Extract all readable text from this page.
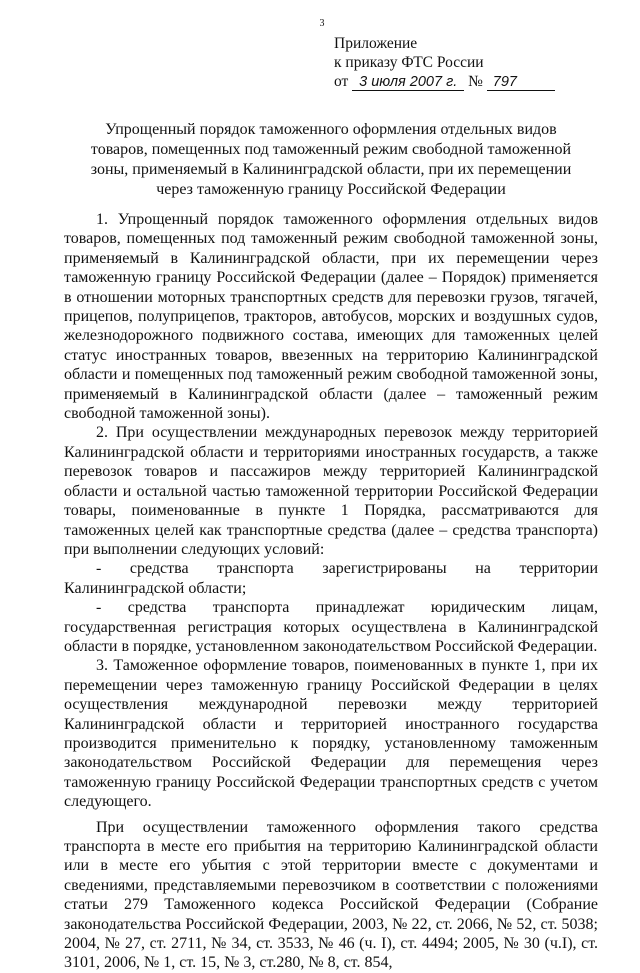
3
Приложение
к приказу ФТС России
от 3 июля 2007 г. № 797
Упрощенный порядок таможенного оформления отдельных видов товаров, помещенных под таможенный режим свободной таможенной зоны, применяемый в Калининградской области, при их перемещении через таможенную границу Российской Федерации

1. Упрощенный порядок таможенного оформления отдельных видов товаров, помещенных под таможенный режим свободной таможенной зоны, применяемый в Калининградской области, при их перемещении через таможенную границу Российской Федерации (далее – Порядок) применяется в отношении моторных транспортных средств для перевозки грузов, тягачей, прицепов, полуприцепов, тракторов, автобусов, морских и воздушных судов, железнодорожного подвижного состава, имеющих для таможенных целей статус иностранных товаров, ввезенных на территорию Калининградской области и помещенных под таможенный режим свободной таможенной зоны, применяемый в Калининградской области (далее – таможенный режим свободной таможенной зоны).

2. При осуществлении международных перевозок между территорией Калининградской области и территориями иностранных государств, а также перевозок товаров и пассажиров между территорией Калининградской области и остальной частью таможенной территории Российской Федерации товары, поименованные в пункте 1 Порядка, рассматриваются для таможенных целей как транспортные средства (далее – средства транспорта) при выполнении следующих условий:

- средства транспорта зарегистрированы на территории Калининградской области;

- средства транспорта принадлежат юридическим лицам, государственная регистрация которых осуществлена в Калининградской области в порядке, установленном законодательством Российской Федерации.

3. Таможенное оформление товаров, поименованных в пункте 1, при их перемещении через таможенную границу Российской Федерации в целях осуществления международной перевозки между территорией Калининградской области и территорией иностранного государства производится применительно к порядку, установленному таможенным законодательством Российской Федерации для перемещения через таможенную границу Российской Федерации транспортных средств с учетом следующего.

При осуществлении таможенного оформления такого средства транспорта в месте его прибытия на территорию Калининградской области или в месте его убытия с этой территории вместе с документами и сведениями, представляемыми перевозчиком в соответствии с положениями статьи 279 Таможенного кодекса Российской Федерации (Собрание законодательства Российской Федерации, 2003, № 22, ст. 2066, № 52, ст. 5038; 2004, № 27, ст. 2711, № 34, ст. 3533, № 46 (ч. I), ст. 4494; 2005, № 30 (ч.I), ст. 3101, 2006, № 1, ст. 15, № 3, ст.280, № 8, ст. 854,
